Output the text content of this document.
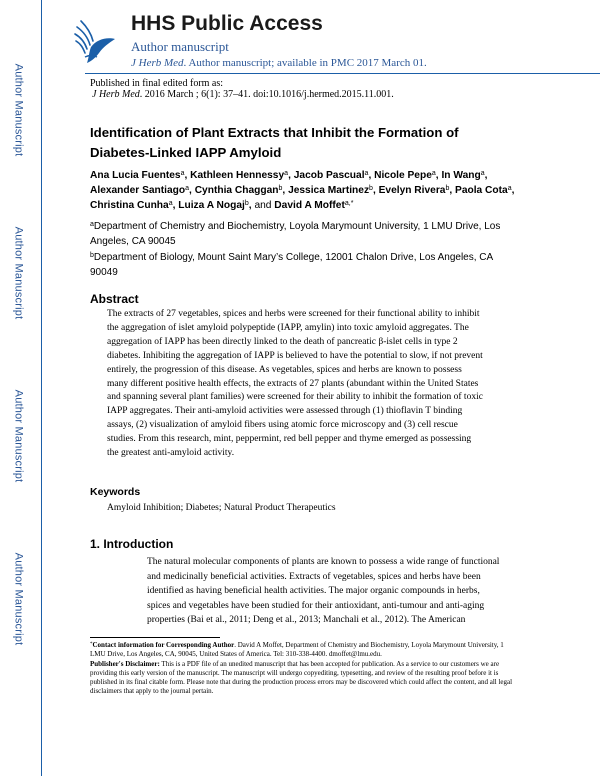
Author Manuscript
Author Manuscript
Author Manuscript
Author Manuscript
HHS Public Access
Author manuscript
J Herb Med. Author manuscript; available in PMC 2017 March 01.
Published in final edited form as:
J Herb Med. 2016 March ; 6(1): 37–41. doi:10.1016/j.hermed.2015.11.001.
Identification of Plant Extracts that Inhibit the Formation of Diabetes-Linked IAPP Amyloid
Ana Lucia Fuentes$^a$, Kathleen Hennessy$^a$, Jacob Pascual$^a$, Nicole Pepe$^a$, In Wang$^a$, Alexander Santiago$^a$, Cynthia Chaggan$^b$, Jessica Martinez$^b$, Evelyn Rivera$^b$, Paola Cota$^a$, Christina Cunha$^a$, Luiza A Nogaj$^b$, and David A Moffet$^{a,*}$
$^a$Department of Chemistry and Biochemistry, Loyola Marymount University, 1 LMU Drive, Los Angeles, CA 90045
$^b$Department of Biology, Mount Saint Mary’s College, 12001 Chalon Drive, Los Angeles, CA 90049
Abstract
The extracts of 27 vegetables, spices and herbs were screened for their functional ability to inhibit
the aggregation of islet amyloid polypeptide (IAPP, amylin) into toxic amyloid aggregates. The
aggregation of IAPP has been directly linked to the death of pancreatic β-islet cells in type 2
diabetes. Inhibiting the aggregation of IAPP is believed to have the potential to slow, if not prevent
entirely, the progression of this disease. As vegetables, spices and herbs are known to possess
many different positive health effects, the extracts of 27 plants (abundant within the United States
and spanning several plant families) were screened for their ability to inhibit the formation of toxic
IAPP aggregates. Their anti-amyloid activities were assessed through (1) thioflavin T binding
assays, (2) visualization of amyloid fibers using atomic force microscopy and (3) cell rescue
studies. From this research, mint, peppermint, red bell pepper and thyme emerged as possessing
the greatest anti-amyloid activity.
Keywords
Amyloid Inhibition; Diabetes; Natural Product Therapeutics
1. Introduction
The natural molecular components of plants are known to possess a wide range of functional
and medicinally beneficial activities. Extracts of vegetables, spices and herbs have been
identified as having beneficial health activities. The major organic compounds in herbs,
spices and vegetables have been studied for their antioxidant, anti-tumour and anti-aging
properties (Bai et al., 2011; Deng et al., 2013; Manchali et al., 2012). The American

*Contact information for Corresponding Author. David A Moffet, Department of Chemistry and Biochemistry, Loyola Marymount University, 1 LMU Drive, Los Angeles, CA, 90045, United States of America. Tel: 310-338-4400. dmoffet@lmu.edu.

Publisher's Disclaimer: This is a PDF file of an unedited manuscript that has been accepted for publication. As a service to our customers we are providing this early version of the manuscript. The manuscript will undergo copyediting, typesetting, and review of the resulting proof before it is published in its final citable form. Please note that during the production process errors may be discovered which could affect the content, and all legal disclaimers that apply to the journal pertain.
